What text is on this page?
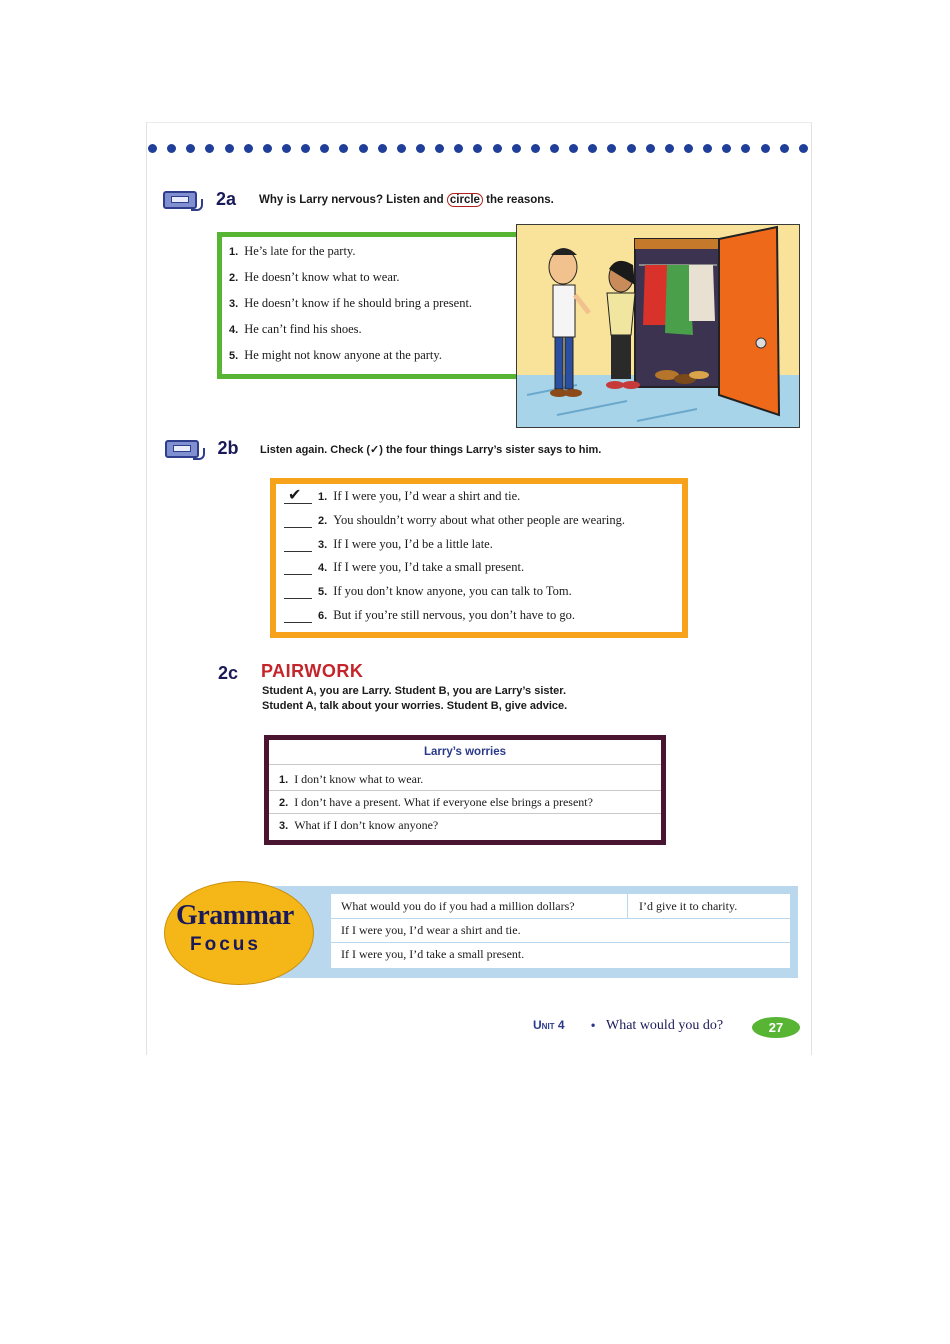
2a	Why is Larry nervous? Listen and circle the reasons.
1. He’s late for the party.
2. He doesn’t know what to wear.
3. He doesn’t know if he should bring a present.
4. He can’t find his shoes.
5. He might not know anyone at the party.
2b	Listen again. Check (✓) the four things Larry’s sister says to him.
✔ 1. If I were you, I’d wear a shirt and tie.
2. You shouldn’t worry about what other people are wearing.
3. If I were you, I’d be a little late.
4. If I were you, I’d take a small present.
5. If you don’t know anyone, you can talk to Tom.
6. But if you’re still nervous, you don’t have to go.
2c	PAIRWORK
Student A, you are Larry. Student B, you are Larry’s sister.
Student A, talk about your worries. Student B, give advice.
Larry’s worries
1. I don’t know what to wear.
2. I don’t have a present. What if everyone else brings a present?
3. What if I don’t know anyone?
What would you do if you had a million dollars?	I’d give it to charity.
If I were you, I’d wear a shirt and tie.
If I were you, I’d take a small present.
Grammar
Focus
Unit 4 • What would you do?	27
